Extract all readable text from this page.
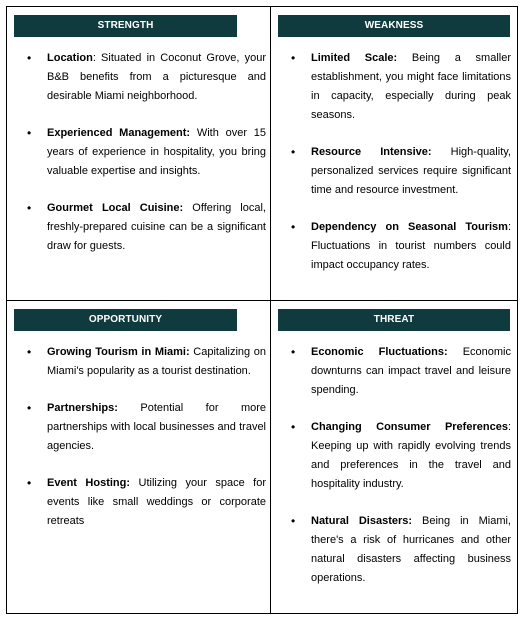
STRENGTH
• Location: Situated in Coconut Grove, your B&B benefits from a picturesque and desirable Miami neighborhood.
• Experienced Management: With over 15 years of experience in hospitality, you bring valuable expertise and insights.
• Gourmet Local Cuisine: Offering local, freshly-prepared cuisine can be a significant draw for guests.
WEAKNESS
• Limited Scale: Being a smaller establishment, you might face limitations in capacity, especially during peak seasons.
• Resource Intensive: High-quality, personalized services require significant time and resource investment.
• Dependency on Seasonal Tourism: Fluctuations in tourist numbers could impact occupancy rates.
OPPORTUNITY
• Growing Tourism in Miami: Capitalizing on Miami's popularity as a tourist destination.
• Partnerships: Potential for more partnerships with local businesses and travel agencies.
• Event Hosting: Utilizing your space for events like small weddings or corporate retreats
THREAT
• Economic Fluctuations: Economic downturns can impact travel and leisure spending.
• Changing Consumer Preferences: Keeping up with rapidly evolving trends and preferences in the travel and hospitality industry.
• Natural Disasters: Being in Miami, there's a risk of hurricanes and other natural disasters affecting business operations.
